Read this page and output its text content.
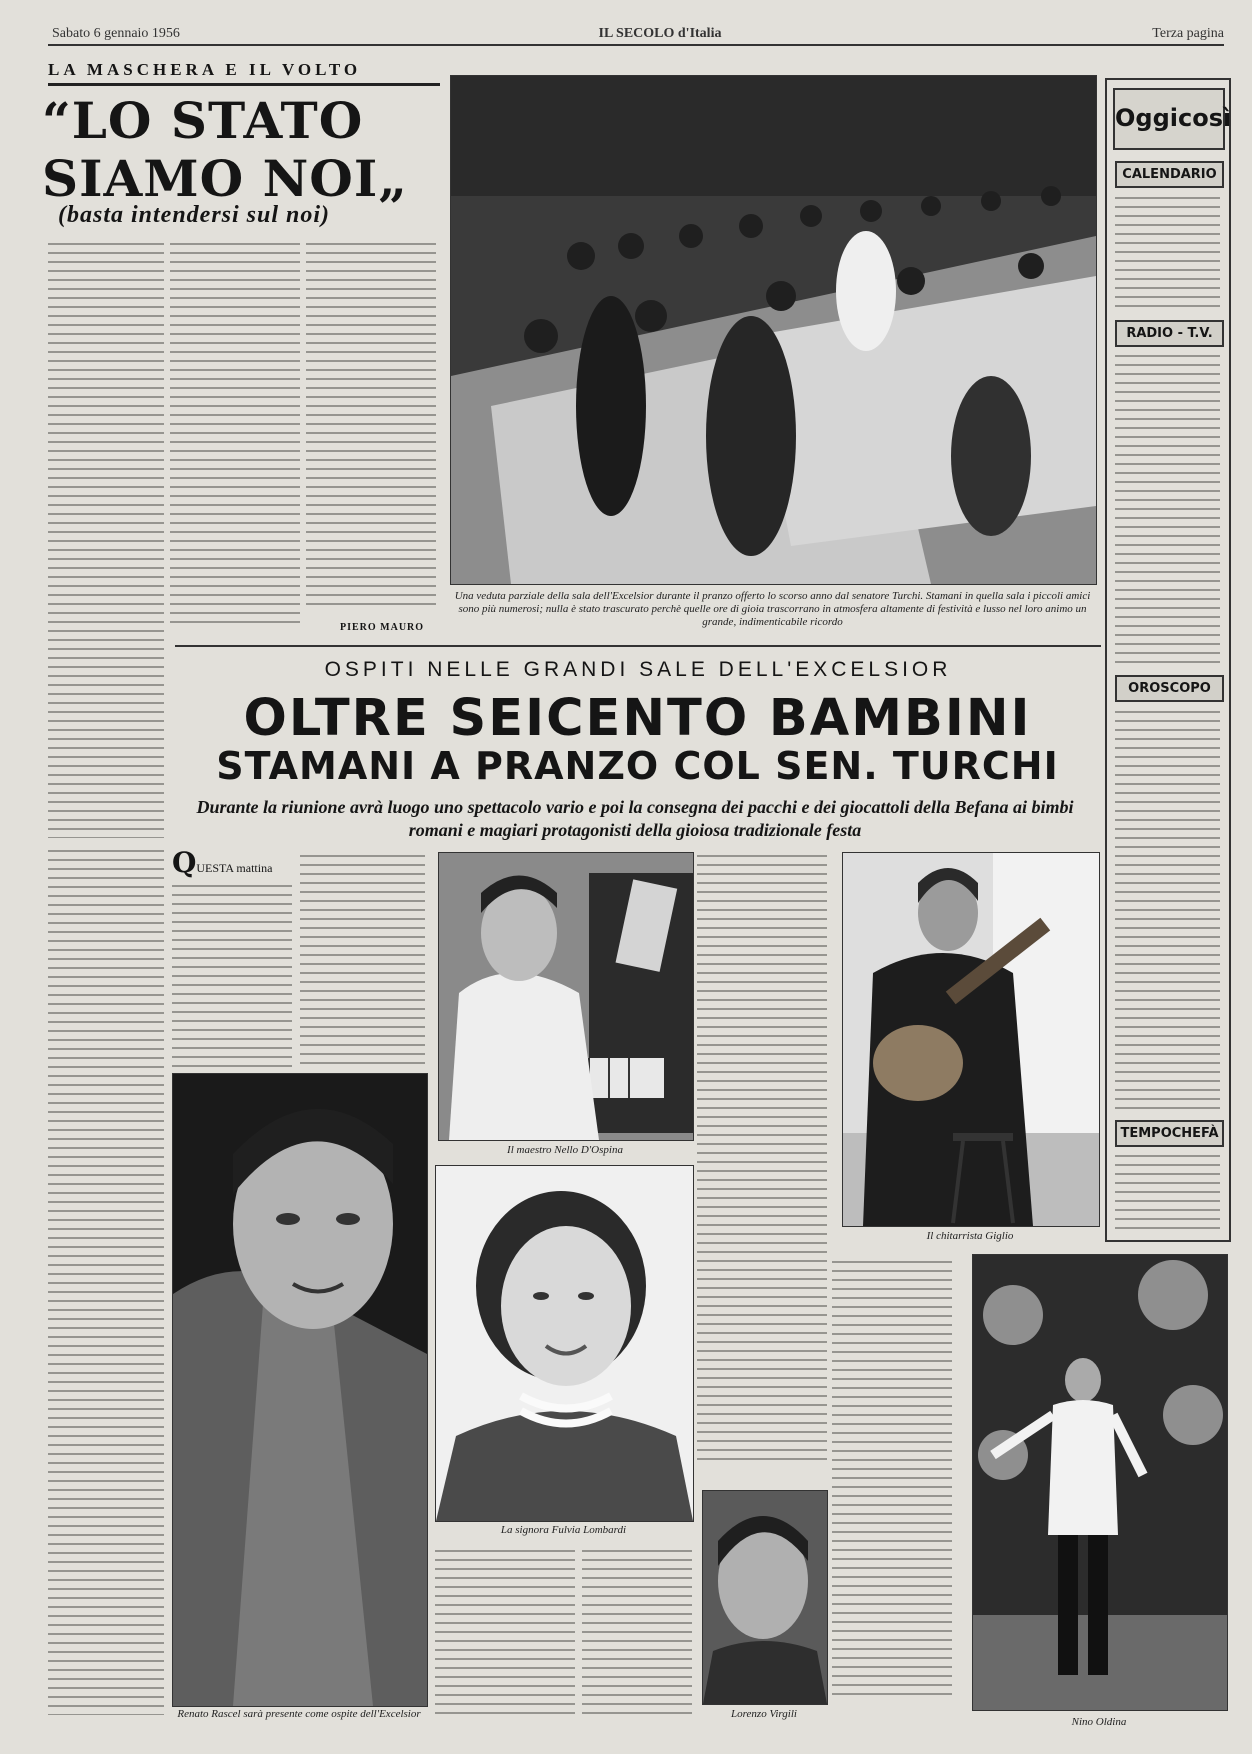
Sabato 6 gennaio 1956	IL SECOLO d'Italia	Terza pagina
LA MASCHERA E IL VOLTO
“LO STATO
SIAMO NOI„
(basta intendersi sul noi)
PIERO MAURO
Una veduta parziale della sala dell'Excelsior durante il pranzo offerto lo scorso anno dal senatore Turchi. Stamani in quella sala i piccoli amici sono più numerosi; nulla è stato trascurato perchè quelle ore di gioia trascorrano in atmosfera altamente di festività e lusso nel loro animo un grande, indimenticabile ricordo
OSPITI NELLE GRANDI SALE DELL'EXCELSIOR
OLTRE SEICENTO BAMBINI
STAMANI A PRANZO COL SEN. TURCHI
Durante la riunione avrà luogo uno spettacolo vario e poi la consegna dei pacchi e dei giocattoli della Befana ai bimbi romani e magiari protagonisti della gioiosa tradizionale festa
QUESTA mattina
Il maestro Nello D'Ospina
Il chitarrista Giglio
Renato Rascel sarà presente come ospite dell'Excelsior
La signora Fulvia Lombardi
Lorenzo Virgili
Nino Oldina
Oggicosì
CALENDARIO
RADIO - T.V.
OROSCOPO
TEMPOCHEFÀ
